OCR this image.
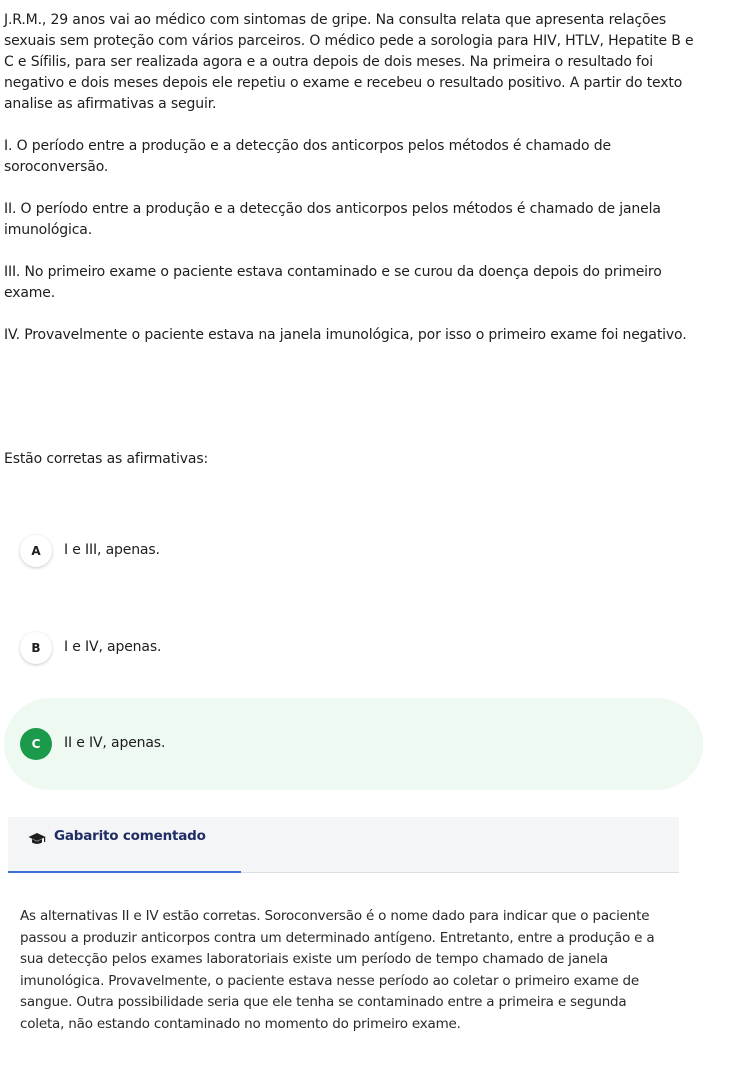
J.R.M., 29 anos vai ao médico com sintomas de gripe. Na consulta relata que apresenta relações sexuais sem proteção com vários parceiros. O médico pede a sorologia para HIV, HTLV, Hepatite B e C e Sífilis, para ser realizada agora e a outra depois de dois meses. Na primeira o resultado foi negativo e dois meses depois ele repetiu o exame e recebeu o resultado positivo. A partir do texto analise as afirmativas a seguir.

I. O período entre a produção e a detecção dos anticorpos pelos métodos é chamado de soroconversão.

II. O período entre a produção e a detecção dos anticorpos pelos métodos é chamado de janela imunológica.

III. No primeiro exame o paciente estava contaminado e se curou da doença depois do primeiro exame.

IV. Provavelmente o paciente estava na janela imunológica, por isso o primeiro exame foi negativo.

Estão corretas as afirmativas:

A	I e III, apenas.
B	I e IV, apenas.
C	II e IV, apenas.
Gabarito comentado

As alternativas II e IV estão corretas. Soroconversão é o nome dado para indicar que o paciente passou a produzir anticorpos contra um determinado antígeno. Entretanto, entre a produção e a sua detecção pelos exames laboratoriais existe um período de tempo chamado de janela imunológica. Provavelmente, o paciente estava nesse período ao coletar o primeiro exame de sangue. Outra possibilidade seria que ele tenha se contaminado entre a primeira e segunda coleta, não estando contaminado no momento do primeiro exame.
